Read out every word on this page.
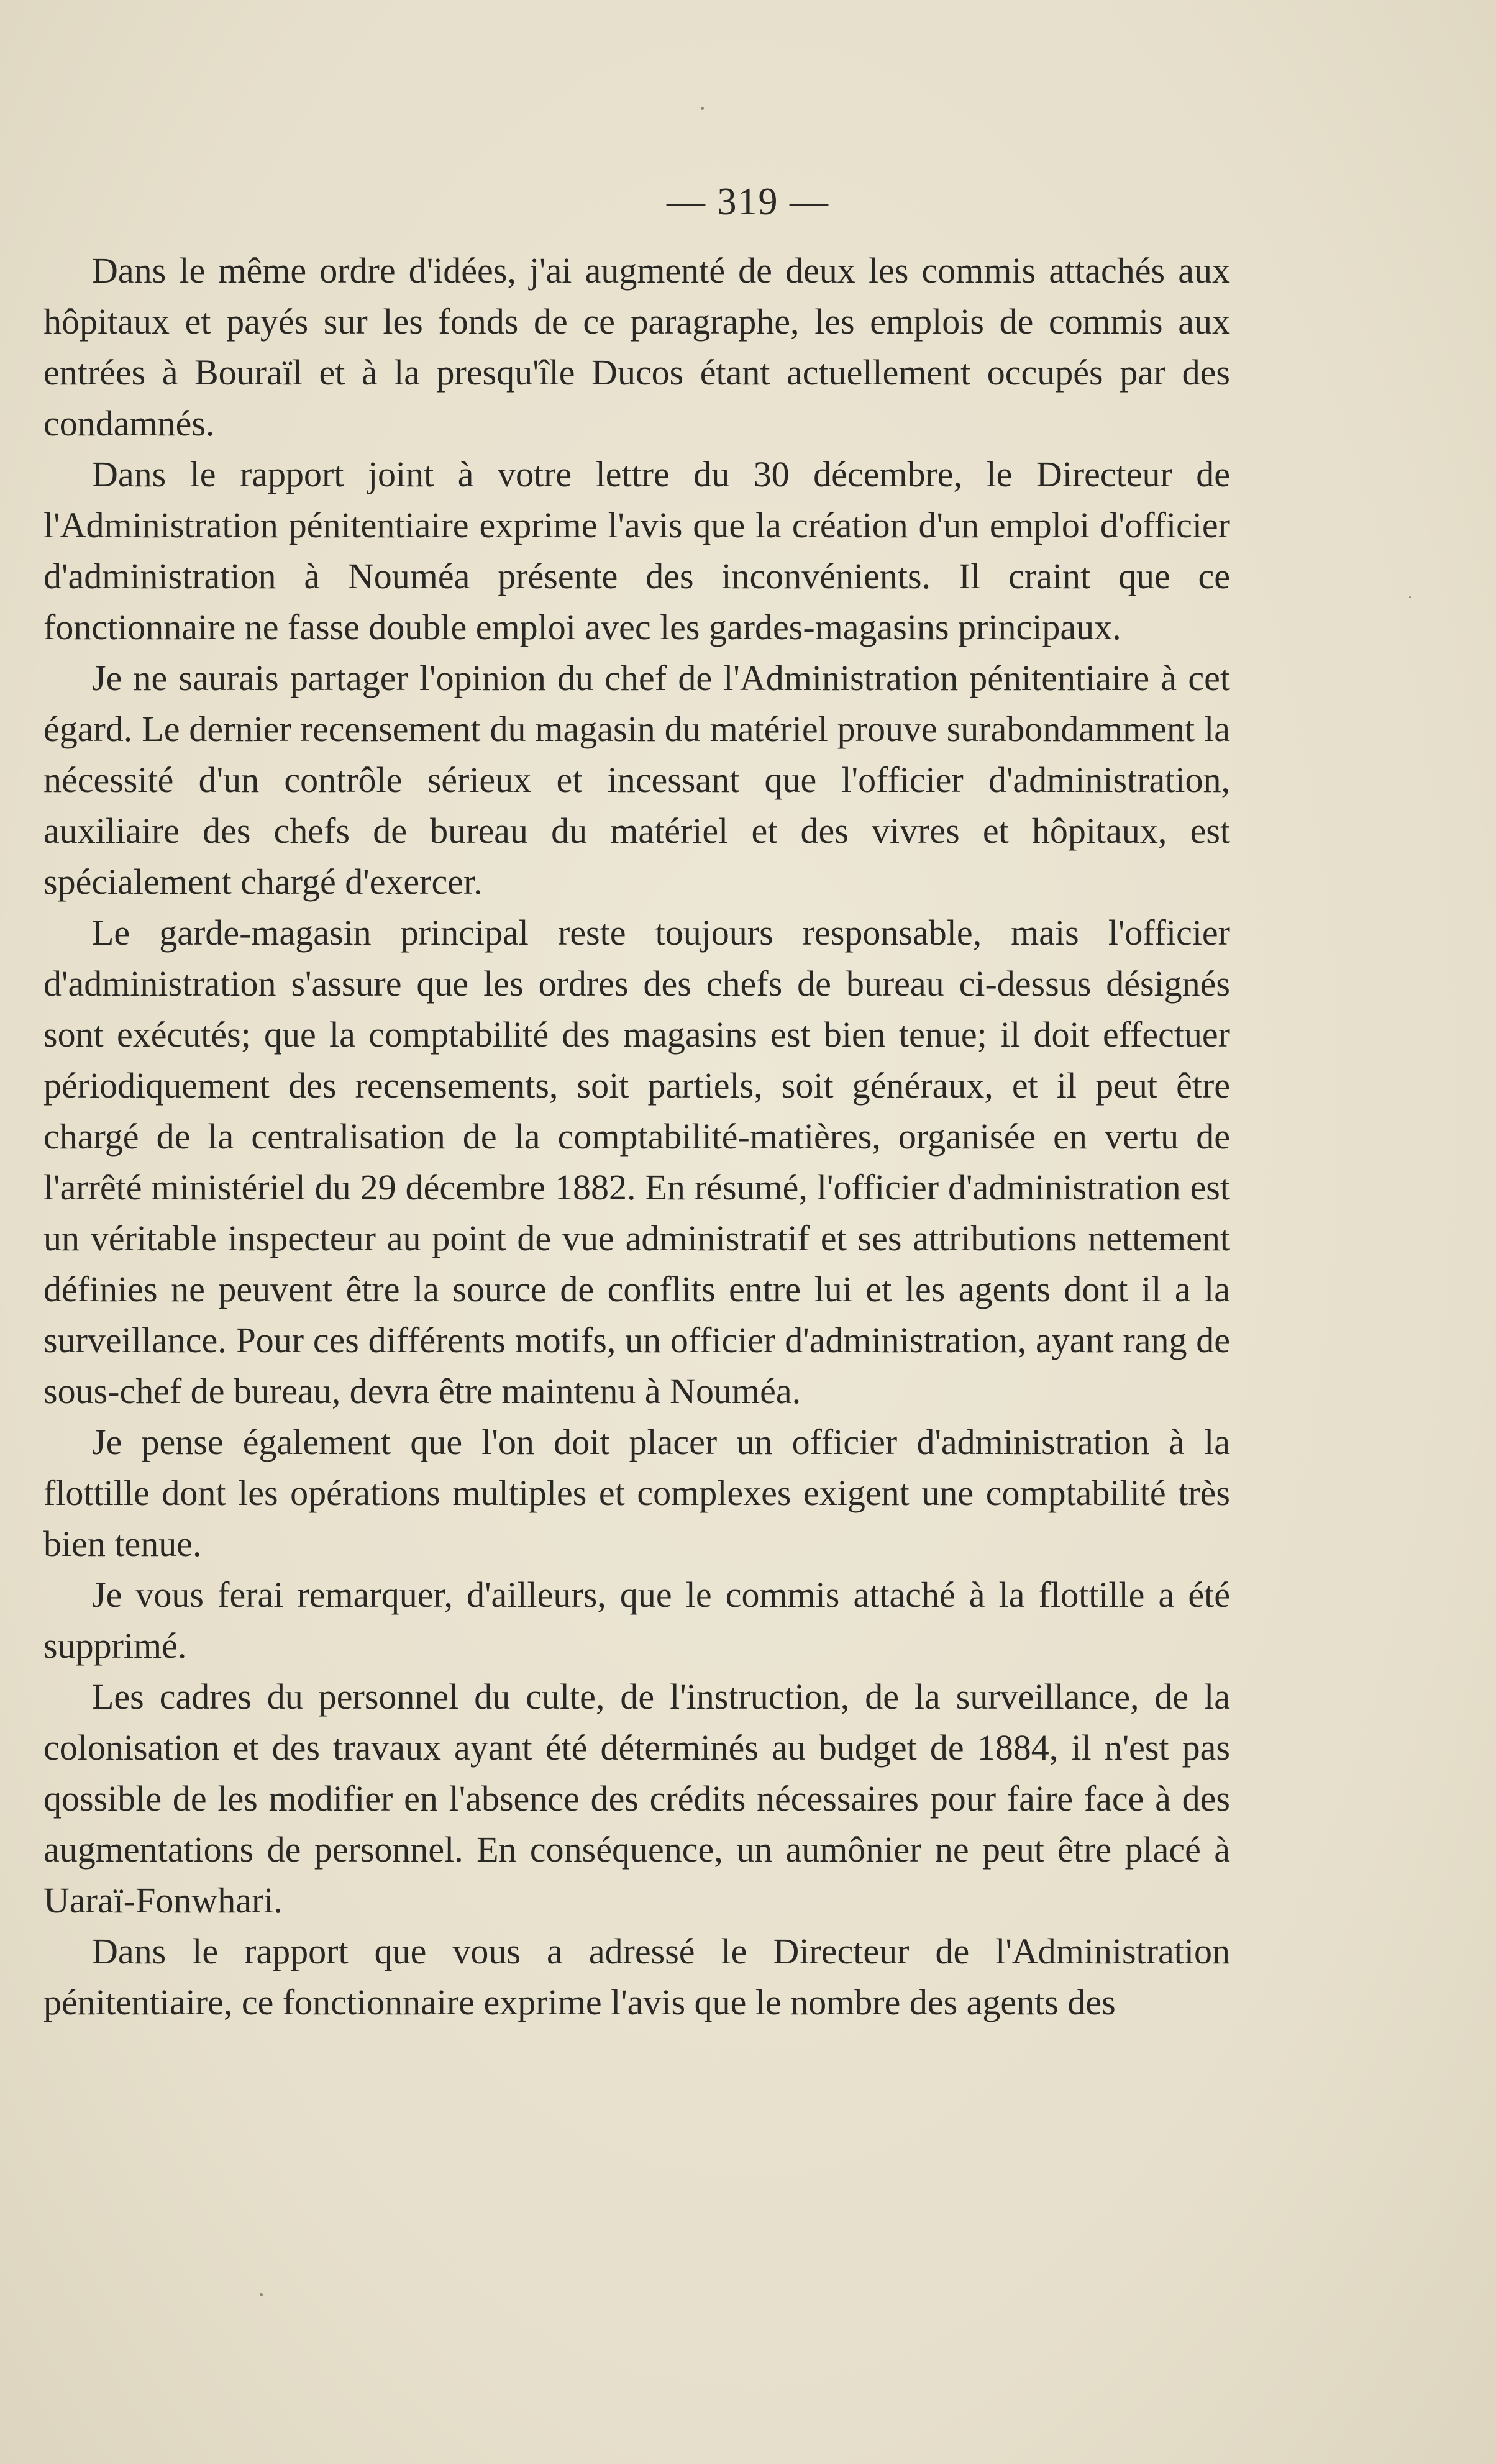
— 319 —

Dans le même ordre d'idées, j'ai augmenté de deux les commis attachés aux hôpitaux et payés sur les fonds de ce paragraphe, les emplois de commis aux entrées à Bouraïl et à la presqu'île Ducos étant actuellement occupés par des condamnés.

Dans le rapport joint à votre lettre du 30 décembre, le Directeur de l'Administration pénitentiaire exprime l'avis que la création d'un emploi d'officier d'administration à Nouméa présente des inconvénients. Il craint que ce fonctionnaire ne fasse double emploi avec les gardes-magasins principaux.

Je ne saurais partager l'opinion du chef de l'Administration pénitentiaire à cet égard. Le dernier recensement du magasin du matériel prouve surabondamment la nécessité d'un contrôle sérieux et incessant que l'officier d'administration, auxiliaire des chefs de bureau du matériel et des vivres et hôpitaux, est spécialement chargé d'exercer.

Le garde-magasin principal reste toujours responsable, mais l'officier d'administration s'assure que les ordres des chefs de bureau ci-dessus désignés sont exécutés; que la comptabilité des magasins est bien tenue; il doit effectuer périodiquement des recensements, soit partiels, soit généraux, et il peut être chargé de la centralisation de la comptabilité-matières, organisée en vertu de l'arrêté ministériel du 29 décembre 1882. En résumé, l'officier d'administration est un véritable inspecteur au point de vue administratif et ses attributions nettement définies ne peuvent être la source de conflits entre lui et les agents dont il a la surveillance. Pour ces différents motifs, un officier d'administration, ayant rang de sous-chef de bureau, devra être maintenu à Nouméa.

Je pense également que l'on doit placer un officier d'administration à la flottille dont les opérations multiples et complexes exigent une comptabilité très bien tenue.

Je vous ferai remarquer, d'ailleurs, que le commis attaché à la flottille a été supprimé.

Les cadres du personnel du culte, de l'instruction, de la surveillance, de la colonisation et des travaux ayant été déterminés au budget de 1884, il n'est pas qossible de les modifier en l'absence des crédits nécessaires pour faire face à des augmentations de personnel. En conséquence, un aumônier ne peut être placé à Uaraï-Fonwhari.

Dans le rapport que vous a adressé le Directeur de l'Administration pénitentiaire, ce fonctionnaire exprime l'avis que le nombre des agents des
